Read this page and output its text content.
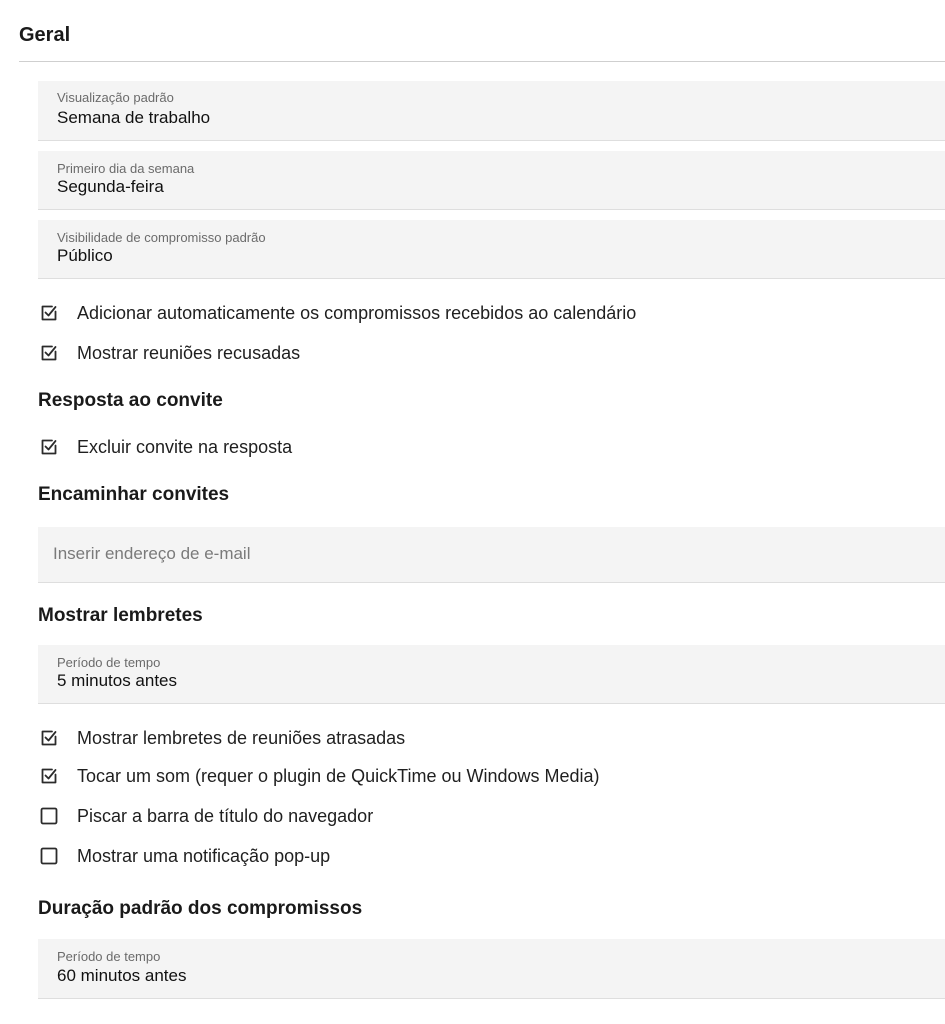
Geral
Visualização padrão
Semana de trabalho
Primeiro dia da semana
Segunda-feira
Visibilidade de compromisso padrão
Público
Adicionar automaticamente os compromissos recebidos ao calendário
Mostrar reuniões recusadas
Resposta ao convite
Excluir convite na resposta
Encaminhar convites
Inserir endereço de e-mail
Mostrar lembretes
Período de tempo
5 minutos antes
Mostrar lembretes de reuniões atrasadas
Tocar um som (requer o plugin de QuickTime ou Windows Media)
Piscar a barra de título do navegador
Mostrar uma notificação pop-up
Duração padrão dos compromissos
Período de tempo
60 minutos antes
